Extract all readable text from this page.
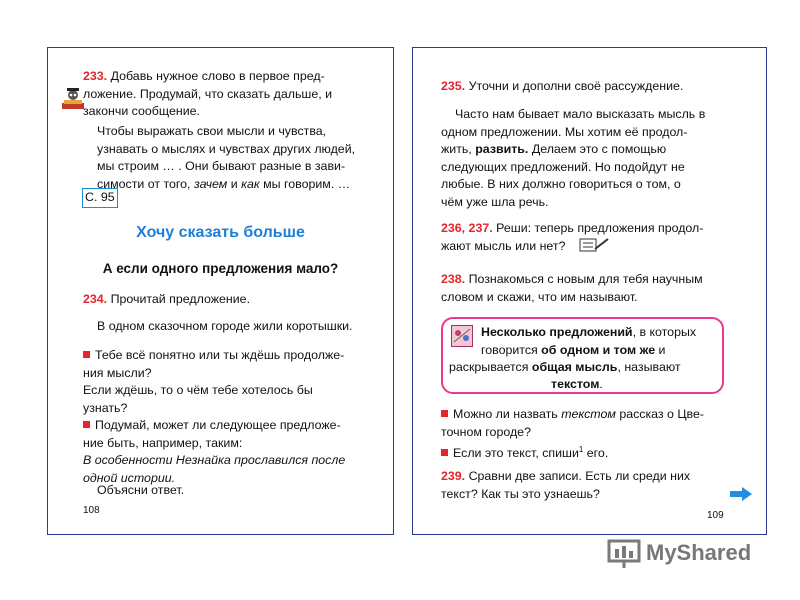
233. Добавь нужное слово в первое пред-
ложение. Продумай, что сказать дальше, и
закончи сообщение.

Чтобы выражать свои мысли и чувства,
узнавать о мыслях и чувствах других людей,
мы строим … . Они бывают разные в зави-
симости от того, зачем и как мы говорим. …

С. 95
Хочу сказать больше
А если одного предложения мало?

234. Прочитай предложение.

В одном сказочном городе жили коротышки.

Тебе всё понятно или ты ждёшь продолже-
ния мысли?
Если ждёшь, то о чём тебе хотелось бы
узнать?
Подумай, может ли следующее предложе-
ние быть, например, таким:
В особенности Незнайка прославился после
одной истории.

Объясни ответ.

108

235. Уточни и дополни своё рассуждение.

Часто нам бывает мало высказать мысль в
одном предложении. Мы хотим её продол-
жить, развить. Делаем это с помощью
следующих предложений. Но подойдут не
любые. В них должно говориться о том, о
чём уже шла речь.

236, 237. Реши: теперь предложения продол-
жают мысль или нет?

238. Познакомься с новым для тебя научным
словом и скажи, что им называют.

Несколько предложений, в которых
говорится об одном и том же и

раскрывается общая мысль, называют

текстом.

Можно ли назвать текстом рассказ о Цве-
точном городе?
Если это текст, спиши$^1$ его.

239. Сравни две записи. Есть ли среди них
текст? Как ты это узнаешь?

109
MyShared
